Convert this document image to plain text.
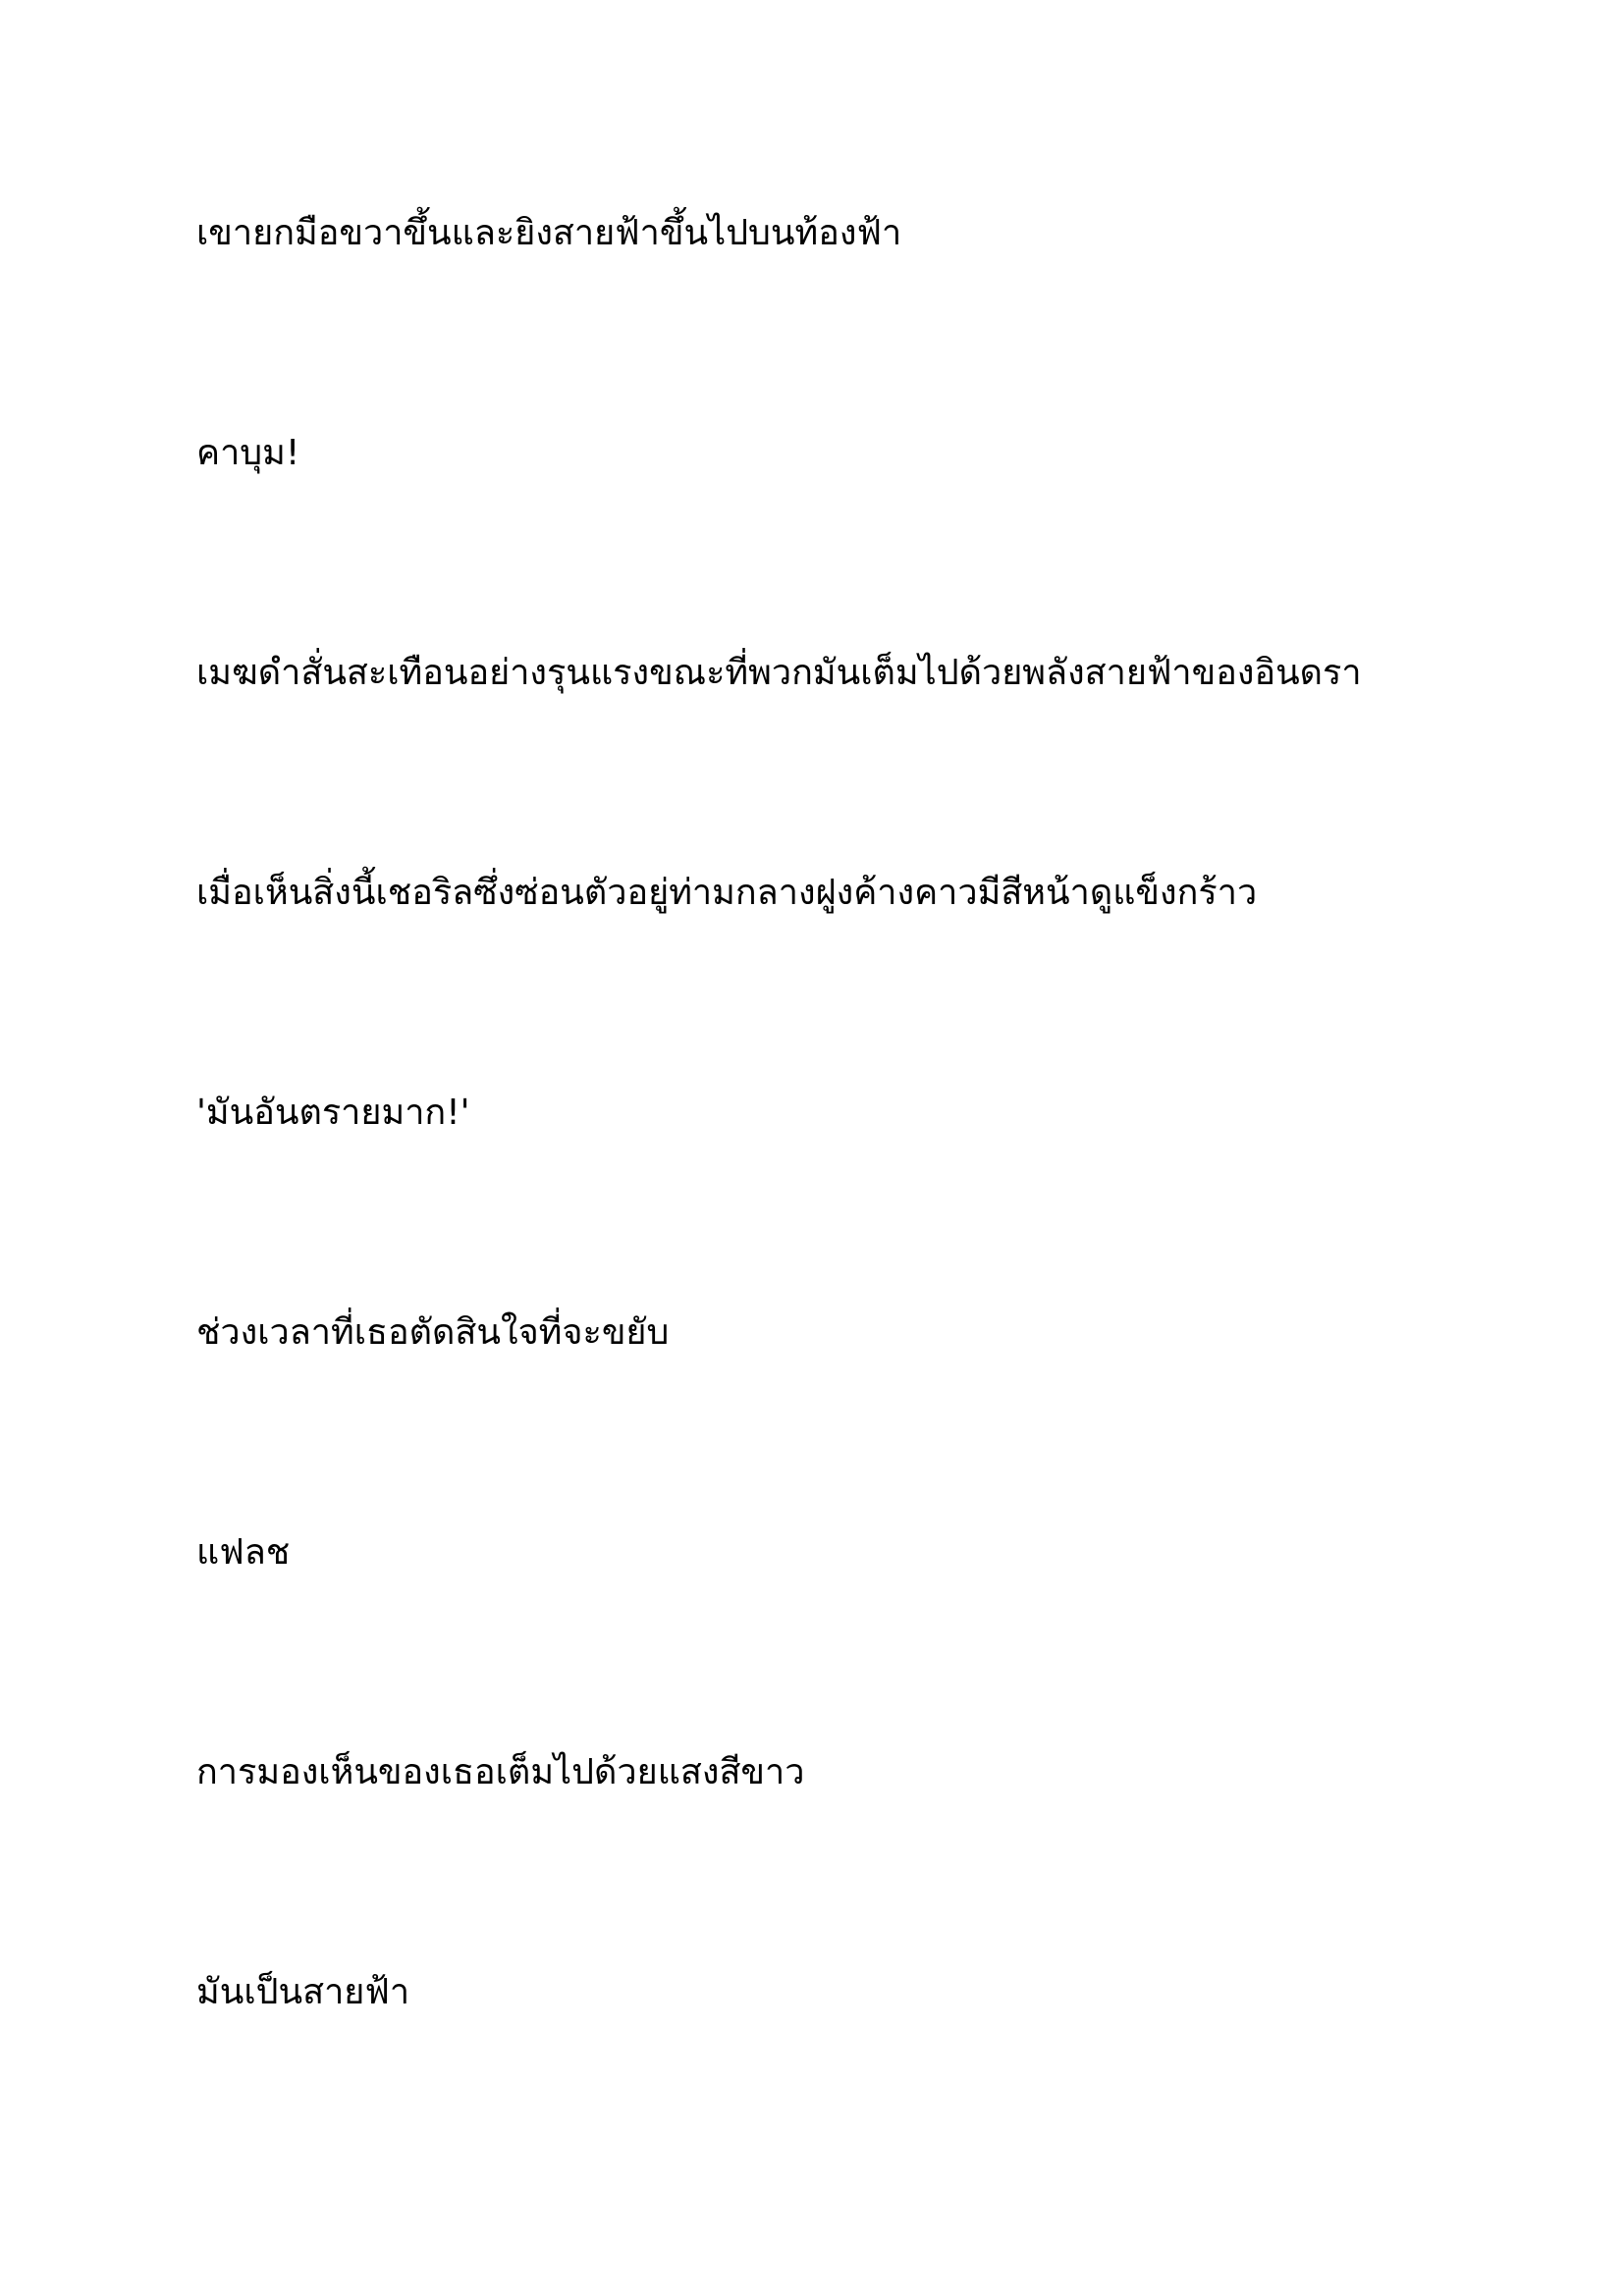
เขายกมือขวาขึ้นและยิงสายฟ้าขึ้นไปบนท้องฟ้า

คาบุม!

เมฆดำสั่นสะเทือนอย่างรุนแรงขณะที่พวกมันเต็มไปด้วยพลังสายฟ้าของอินดรา

เมื่อเห็นสิ่งนี้เชอริลซึ่งซ่อนตัวอยู่ท่ามกลางฝูงค้างคาวมีสีหน้าดูแข็งกร้าว

'มันอันตรายมาก!'

ช่วงเวลาที่เธอตัดสินใจที่จะขยับ

แฟลช

การมองเห็นของเธอเต็มไปด้วยแสงสีขาว

มันเป็นสายฟ้า
